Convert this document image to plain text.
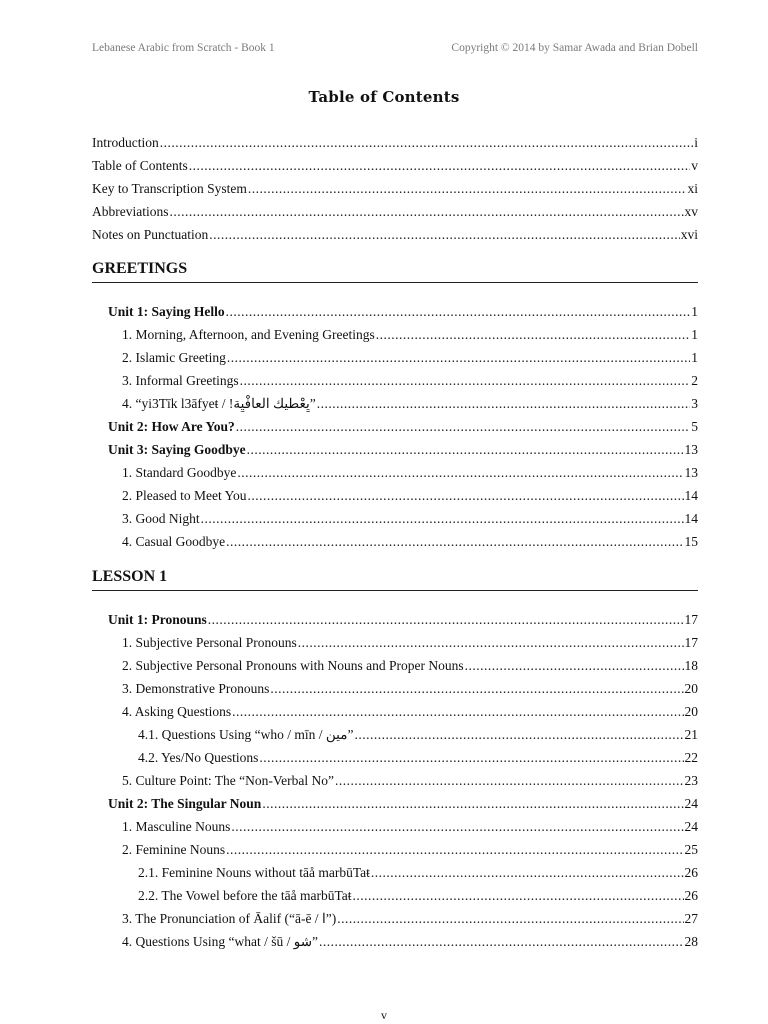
Lebanese Arabic from Scratch - Book 1	Copyright © 2014 by Samar Awada and Brian Dobell
Table of Contents
Introduction .....	i
Table of Contents .....	v
Key to Transcription System .....	xi
Abbreviations .....	xv
Notes on Punctuation .....	xvi
GREETINGS
Unit 1: Saying Hello .....	1
1. Morning, Afternoon, and Evening Greetings .....	1
2. Islamic Greeting .....	1
3. Informal Greetings .....	2
4. “yi3Tīk l3āfyeŧ / !يِعْطيك العافْيِة” .....	3
Unit 2: How Are You? .....	5
Unit 3: Saying Goodbye .....	13
1. Standard Goodbye .....	13
2. Pleased to Meet You .....	14
3. Good Night .....	14
4. Casual Goodbye .....	15
LESSON 1
Unit 1: Pronouns .....	17
1. Subjective Personal Pronouns .....	17
2. Subjective Personal Pronouns with Nouns and Proper Nouns .....	18
3. Demonstrative Pronouns .....	20
4. Asking Questions .....	20
4.1. Questions Using “who / mīn / مين” .....	21
4.2. Yes/No Questions .....	22
5. Culture Point: The “Non-Verbal No” .....	23
Unit 2: The Singular Noun .....	24
1. Masculine Nouns .....	24
2. Feminine Nouns .....	25
2.1. Feminine Nouns without tāå marbūTaŧ .....	26
2.2. The Vowel before the tāå marbūTaŧ .....	26
3. The Pronunciation of Āalif (“ā-ē / ا”) .....	27
4. Questions Using “what / šū / شو” .....	28
v
